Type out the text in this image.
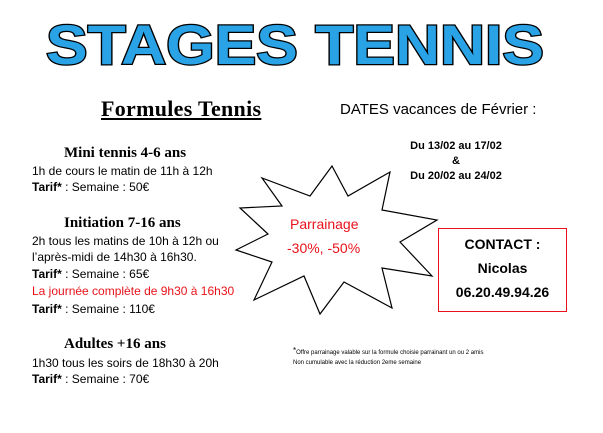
STAGES TENNIS
Formules Tennis	DATES vacances de Février :
Du 13/02 au 17/02
&
Du 20/02 au 24/02
Mini tennis 4-6 ans
1h de cours le matin de 11h à 12h
Tarif* : Semaine : 50€
Initiation 7-16 ans
2h tous les matins de 10h à 12h ou
l’après-midi de 14h30 à 16h30.
Tarif* : Semaine : 65€
La journée complète de 9h30 à 16h30
Tarif* : Semaine : 110€
Adultes +16 ans
1h30 tous les soirs de 18h30 à 20h
Tarif* : Semaine : 70€
Parrainage
-30%, -50%	CONTACT :
Nicolas
06.20.49.94.26
*Offre parrainage valable sur la formule choisie parrainant un ou 2 amis
Non cumulable avec la réduction 2eme semaine
